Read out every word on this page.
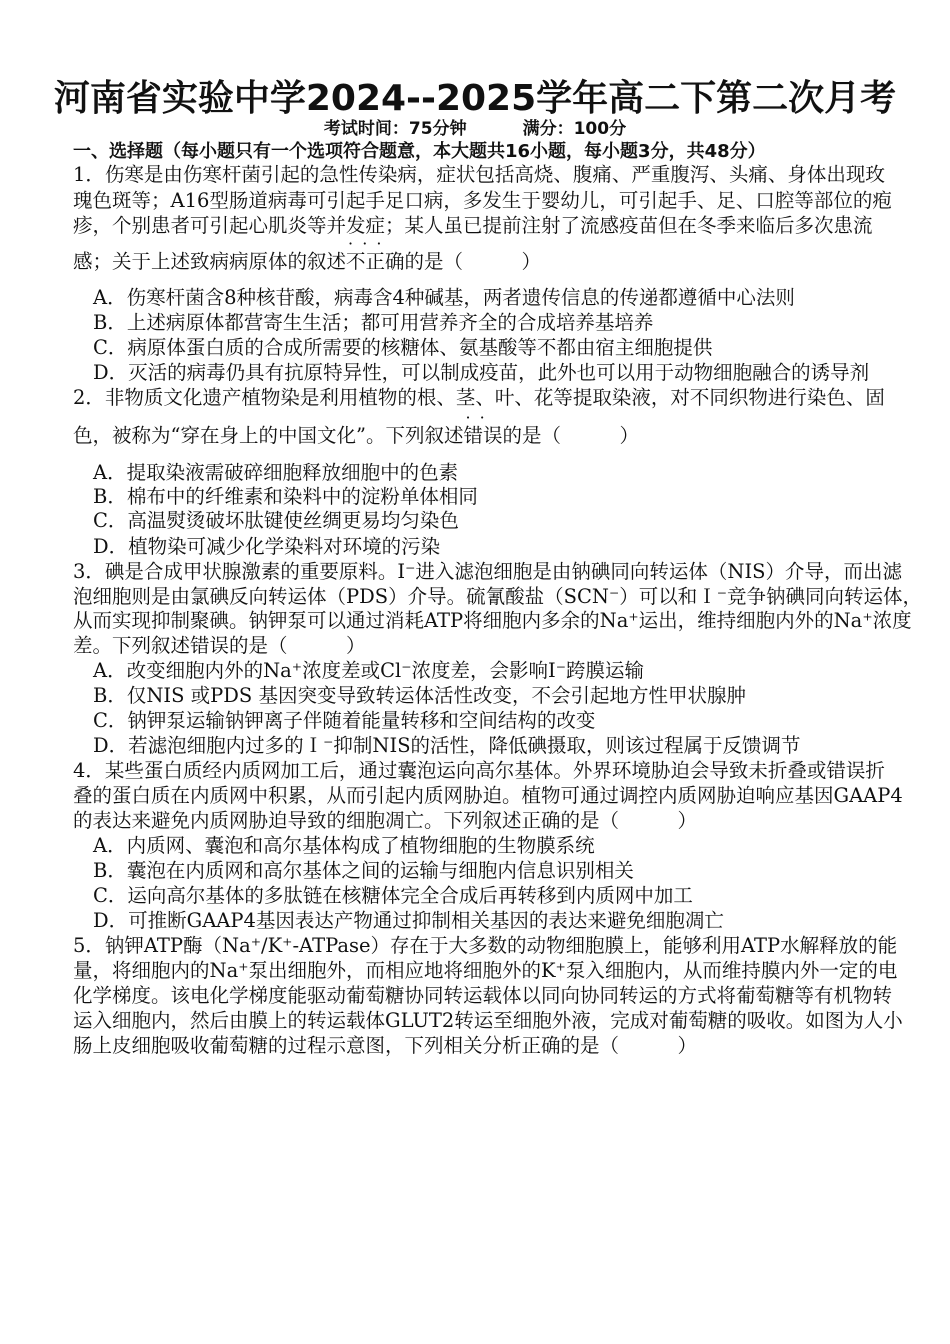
河南省实验中学2024--2025学年高二下第二次月考
考试时间：75分钟	满分：100分
一、选择题（每小题只有一个选项符合题意，本大题共16小题，每小题3分，共48分）
1．伤寒是由伤寒杆菌引起的急性传染病，症状包括高烧、腹痛、严重腹泻、头痛、身体出现玫
瑰色斑等；A16型肠道病毒可引起手足口病，多发生于婴幼儿，可引起手、足、口腔等部位的疱
疹，个别患者可引起心肌炎等并发症；某人虽已提前注射了流感疫苗但在冬季来临后多次患流
感；关于上述致病病原体的叙述· · · 不正确的是（　　　）
A．伤寒杆菌含8种核苷酸，病毒含4种碱基，两者遗传信息的传递都遵循中心法则
B．上述病原体都营寄生生活；都可用营养齐全的合成培养基培养
C．病原体蛋白质的合成所需要的核糖体、氨基酸等不都由宿主细胞提供
D．灭活的病毒仍具有抗原特异性，可以制成疫苗，此外也可以用于动物细胞融合的诱导剂
2．非物质文化遗产植物染是利用植物的根、茎、叶、花等提取染液，对不同织物进行染色、固
色，被称为“穿在身上的中国文化”。下列叙述· · 错误的是（　　　）
A．提取染液需破碎细胞释放细胞中的色素
B．棉布中的纤维素和染料中的淀粉单体相同
C．高温熨烫破坏肽键使丝绸更易均匀染色
D．植物染可减少化学染料对环境的污染
3．碘是合成甲状腺激素的重要原料。I⁻进入滤泡细胞是由钠碘同向转运体（NIS）介导，而出滤
泡细胞则是由氯碘反向转运体（PDS）介导。硫氰酸盐（SCN⁻）可以和Ｉ⁻竞争钠碘同向转运体，
从而实现抑制聚碘。钠钾泵可以通过消耗ATP将细胞内多余的Na⁺运出，维持细胞内外的Na⁺浓度
差。下列叙述错误的是（　　　）
A．改变细胞内外的Na⁺浓度差或Cl⁻浓度差，会影响I⁻跨膜运输
B．仅NIS 或PDS 基因突变导致转运体活性改变，不会引起地方性甲状腺肿
C．钠钾泵运输钠钾离子伴随着能量转移和空间结构的改变
D．若滤泡细胞内过多的Ｉ⁻抑制NIS的活性，降低碘摄取，则该过程属于反馈调节
4．某些蛋白质经内质网加工后，通过囊泡运向高尔基体。外界环境胁迫会导致未折叠或错误折
叠的蛋白质在内质网中积累，从而引起内质网胁迫。植物可通过调控内质网胁迫响应基因GAAP4
的表达来避免内质网胁迫导致的细胞凋亡。下列叙述正确的是（　　　）
A．内质网、囊泡和高尔基体构成了植物细胞的生物膜系统
B．囊泡在内质网和高尔基体之间的运输与细胞内信息识别相关
C．运向高尔基体的多肽链在核糖体完全合成后再转移到内质网中加工
D．可推断GAAP4基因表达产物通过抑制相关基因的表达来避免细胞凋亡
5．钠钾ATP酶（Na⁺/K⁺-ATPase）存在于大多数的动物细胞膜上，能够利用ATP水解释放的能
量，将细胞内的Na⁺泵出细胞外，而相应地将细胞外的K⁺泵入细胞内，从而维持膜内外一定的电
化学梯度。该电化学梯度能驱动葡萄糖协同转运载体以同向协同转运的方式将葡萄糖等有机物转
运入细胞内，然后由膜上的转运载体GLUT2转运至细胞外液，完成对葡萄糖的吸收。如图为人小
肠上皮细胞吸收葡萄糖的过程示意图，下列相关分析正确的是（　　　）
